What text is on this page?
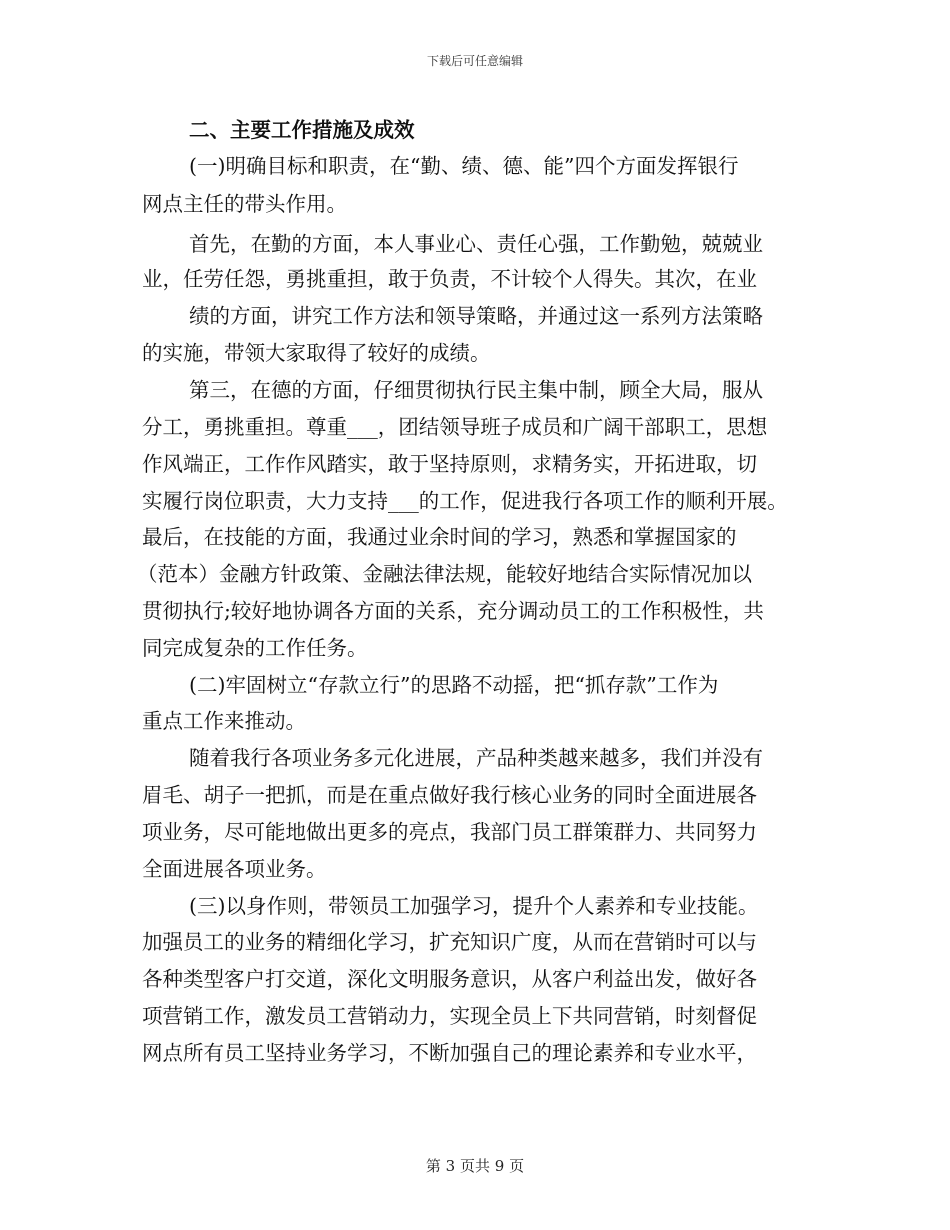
下载后可任意编辑
二、主要工作措施及成效
(一)明确目标和职责，在“勤、绩、德、能”四个方面发挥银行
网点主任的带头作用。
首先，在勤的方面，本人事业心、责任心强，工作勤勉，兢兢业
业，任劳任怨，勇挑重担，敢于负责，不计较个人得失。其次，在业
绩的方面，讲究工作方法和领导策略，并通过这一系列方法策略
的实施，带领大家取得了较好的成绩。
第三，在德的方面，仔细贯彻执行民主集中制，顾全大局，服从
分工，勇挑重担。尊重___，团结领导班子成员和广阔干部职工，思想
作风端正，工作作风踏实，敢于坚持原则，求精务实，开拓进取，切
实履行岗位职责，大力支持___的工作，促进我行各项工作的顺利开展。
最后，在技能的方面，我通过业余时间的学习，熟悉和掌握国家的
（范本）金融方针政策、金融法律法规，能较好地结合实际情况加以
贯彻执行;较好地协调各方面的关系，充分调动员工的工作积极性，共
同完成复杂的工作任务。
(二)牢固树立“存款立行”的思路不动摇，把“抓存款”工作为
重点工作来推动。
随着我行各项业务多元化进展，产品种类越来越多，我们并没有
眉毛、胡子一把抓，而是在重点做好我行核心业务的同时全面进展各
项业务，尽可能地做出更多的亮点，我部门员工群策群力、共同努力
全面进展各项业务。
(三)以身作则，带领员工加强学习，提升个人素养和专业技能。
加强员工的业务的精细化学习，扩充知识广度，从而在营销时可以与
各种类型客户打交道，深化文明服务意识，从客户利益出发，做好各
项营销工作，激发员工营销动力，实现全员上下共同营销，时刻督促
网点所有员工坚持业务学习，不断加强自己的理论素养和专业水平，
第 3 页共 9 页
